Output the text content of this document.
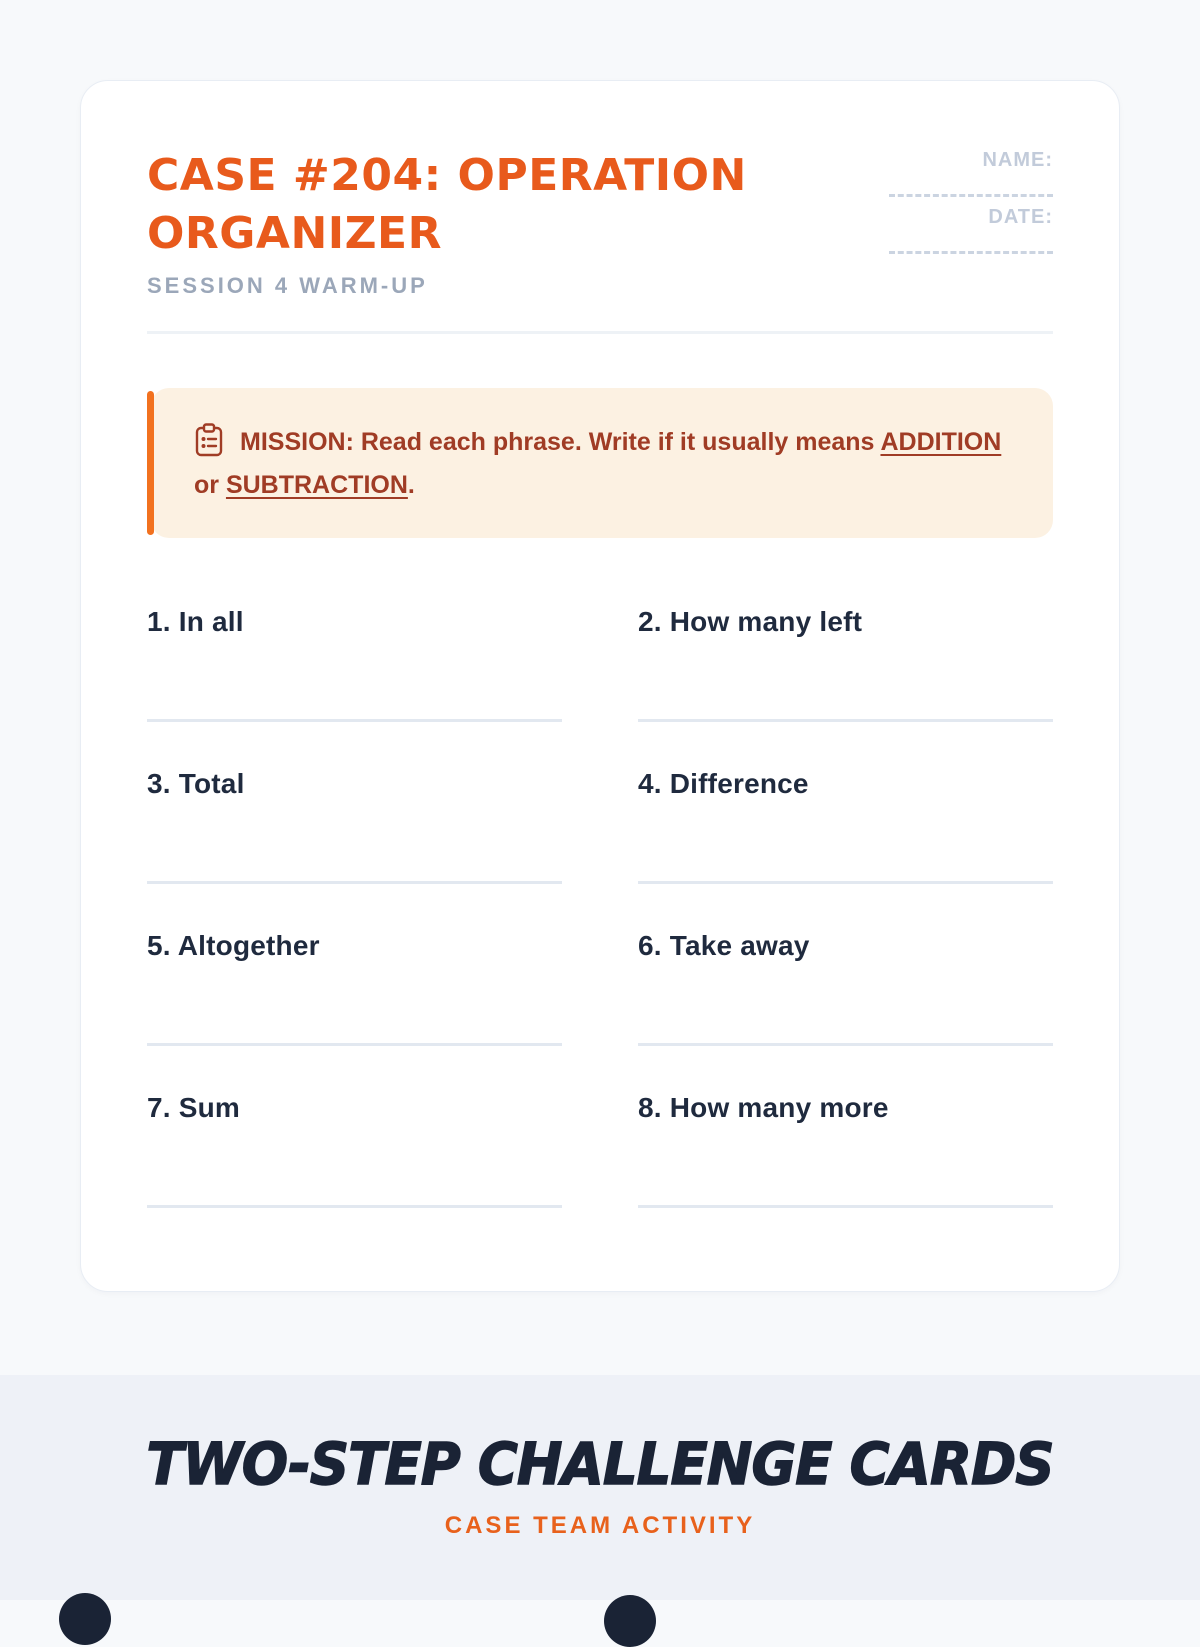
CASE #204: OPERATION ORGANIZER
SESSION 4 WARM-UP
NAME:
DATE:
MISSION: Read each phrase. Write if it usually means ADDITION or SUBTRACTION.
1. In all	2. How many left
3. Total	4. Difference
5. Altogether	6. Take away
7. Sum	8. How many more
TWO-STEP CHALLENGE CARDS
CASE TEAM ACTIVITY
